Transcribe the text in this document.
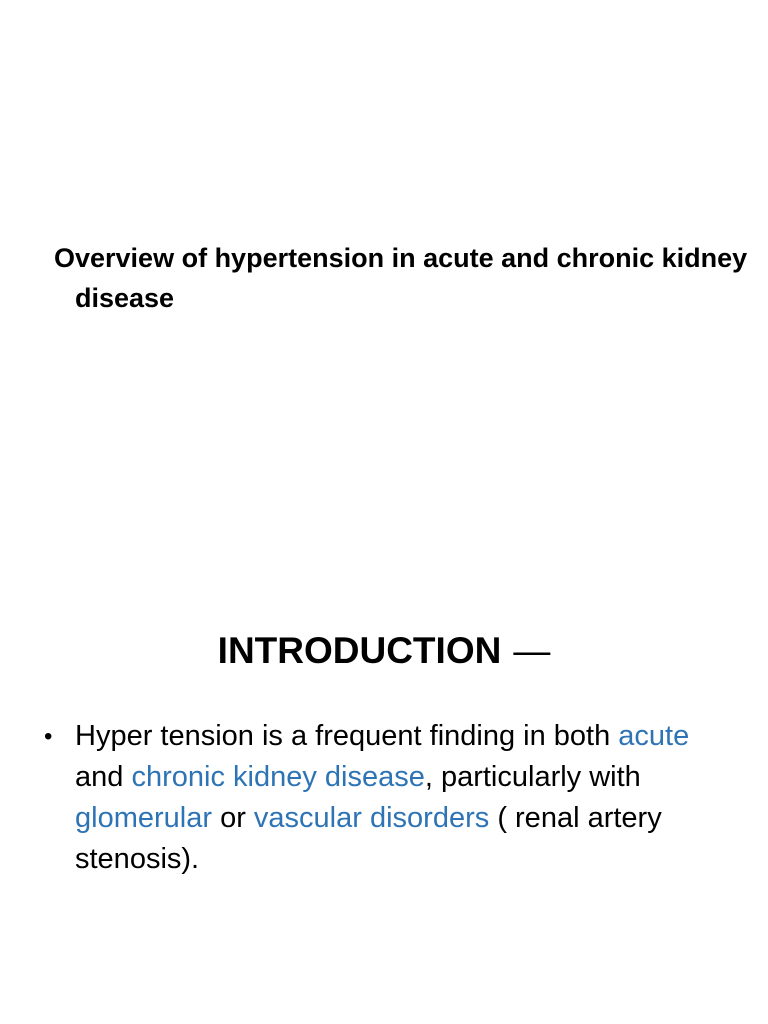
Overview of hypertension in acute and chronic kidney disease
INTRODUCTION —
• Hyper tension is a frequent finding in both acute and chronic kidney disease, particularly with glomerular or vascular disorders ( renal artery stenosis).
